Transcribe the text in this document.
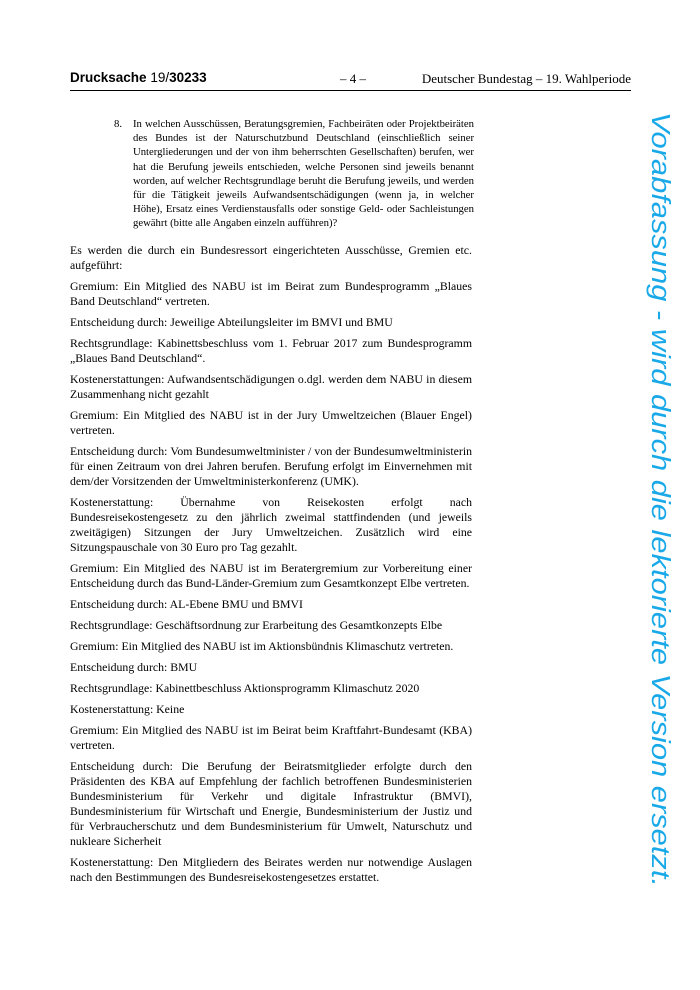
Drucksache 19/30233	– 4 –	Deutscher Bundestag – 19. Wahlperiode
8. In welchen Ausschüssen, Beratungsgremien, Fachbeiräten oder Projektbeiräten des Bundes ist der Naturschutzbund Deutschland (einschließlich seiner Untergliederungen und der von ihm beherrschten Gesellschaften) berufen, wer hat die Berufung jeweils entschieden, welche Personen sind jeweils benannt worden, auf welcher Rechtsgrundlage beruht die Berufung jeweils, und werden für die Tätigkeit jeweils Aufwandsentschädigungen (wenn ja, in welcher Höhe), Ersatz eines Verdienstausfalls oder sonstige Geld- oder Sachleistungen gewährt (bitte alle Angaben einzeln aufführen)?

Es werden die durch ein Bundesressort eingerichteten Ausschüsse, Gremien etc. aufgeführt:

Gremium: Ein Mitglied des NABU ist im Beirat zum Bundesprogramm „Blaues Band Deutschland“ vertreten.

Entscheidung durch: Jeweilige Abteilungsleiter im BMVI und BMU

Rechtsgrundlage: Kabinettsbeschluss vom 1. Februar 2017 zum Bundesprogramm „Blaues Band Deutschland“.

Kostenerstattungen: Aufwandsentschädigungen o.dgl. werden dem NABU in diesem Zusammenhang nicht gezahlt

Gremium: Ein Mitglied des NABU ist in der Jury Umweltzeichen (Blauer Engel) vertreten.

Entscheidung durch: Vom Bundesumweltminister / von der Bundesumweltministerin für einen Zeitraum von drei Jahren berufen. Berufung erfolgt im Einvernehmen mit dem/der Vorsitzenden der Umweltministerkonferenz (UMK).

Kostenerstattung: Übernahme von Reisekosten erfolgt nach Bundesreisekostengesetz zu den jährlich zweimal stattfindenden (und jeweils zweitägigen) Sitzungen der Jury Umweltzeichen. Zusätzlich wird eine Sitzungspauschale von 30 Euro pro Tag gezahlt.

Gremium: Ein Mitglied des NABU ist im Beratergremium zur Vorbereitung einer Entscheidung durch das Bund-Länder-Gremium zum Gesamtkonzept Elbe vertreten.

Entscheidung durch: AL-Ebene BMU und BMVI

Rechtsgrundlage: Geschäftsordnung zur Erarbeitung des Gesamtkonzepts Elbe

Gremium: Ein Mitglied des NABU ist im Aktionsbündnis Klimaschutz vertreten.

Entscheidung durch: BMU

Rechtsgrundlage: Kabinettbeschluss Aktionsprogramm Klimaschutz 2020

Kostenerstattung: Keine

Gremium: Ein Mitglied des NABU ist im Beirat beim Kraftfahrt-Bundesamt (KBA) vertreten.

Entscheidung durch: Die Berufung der Beiratsmitglieder erfolgte durch den Präsidenten des KBA auf Empfehlung der fachlich betroffenen Bundesministerien Bundesministerium für Verkehr und digitale Infrastruktur (BMVI), Bundesministerium für Wirtschaft und Energie, Bundesministerium der Justiz und für Verbraucherschutz und dem Bundesministerium für Umwelt, Naturschutz und nukleare Sicherheit

Kostenerstattung: Den Mitgliedern des Beirates werden nur notwendige Auslagen nach den Bestimmungen des Bundesreisekostengesetzes erstattet.

Vorabfassung - wird durch die lektorierte Version ersetzt.
